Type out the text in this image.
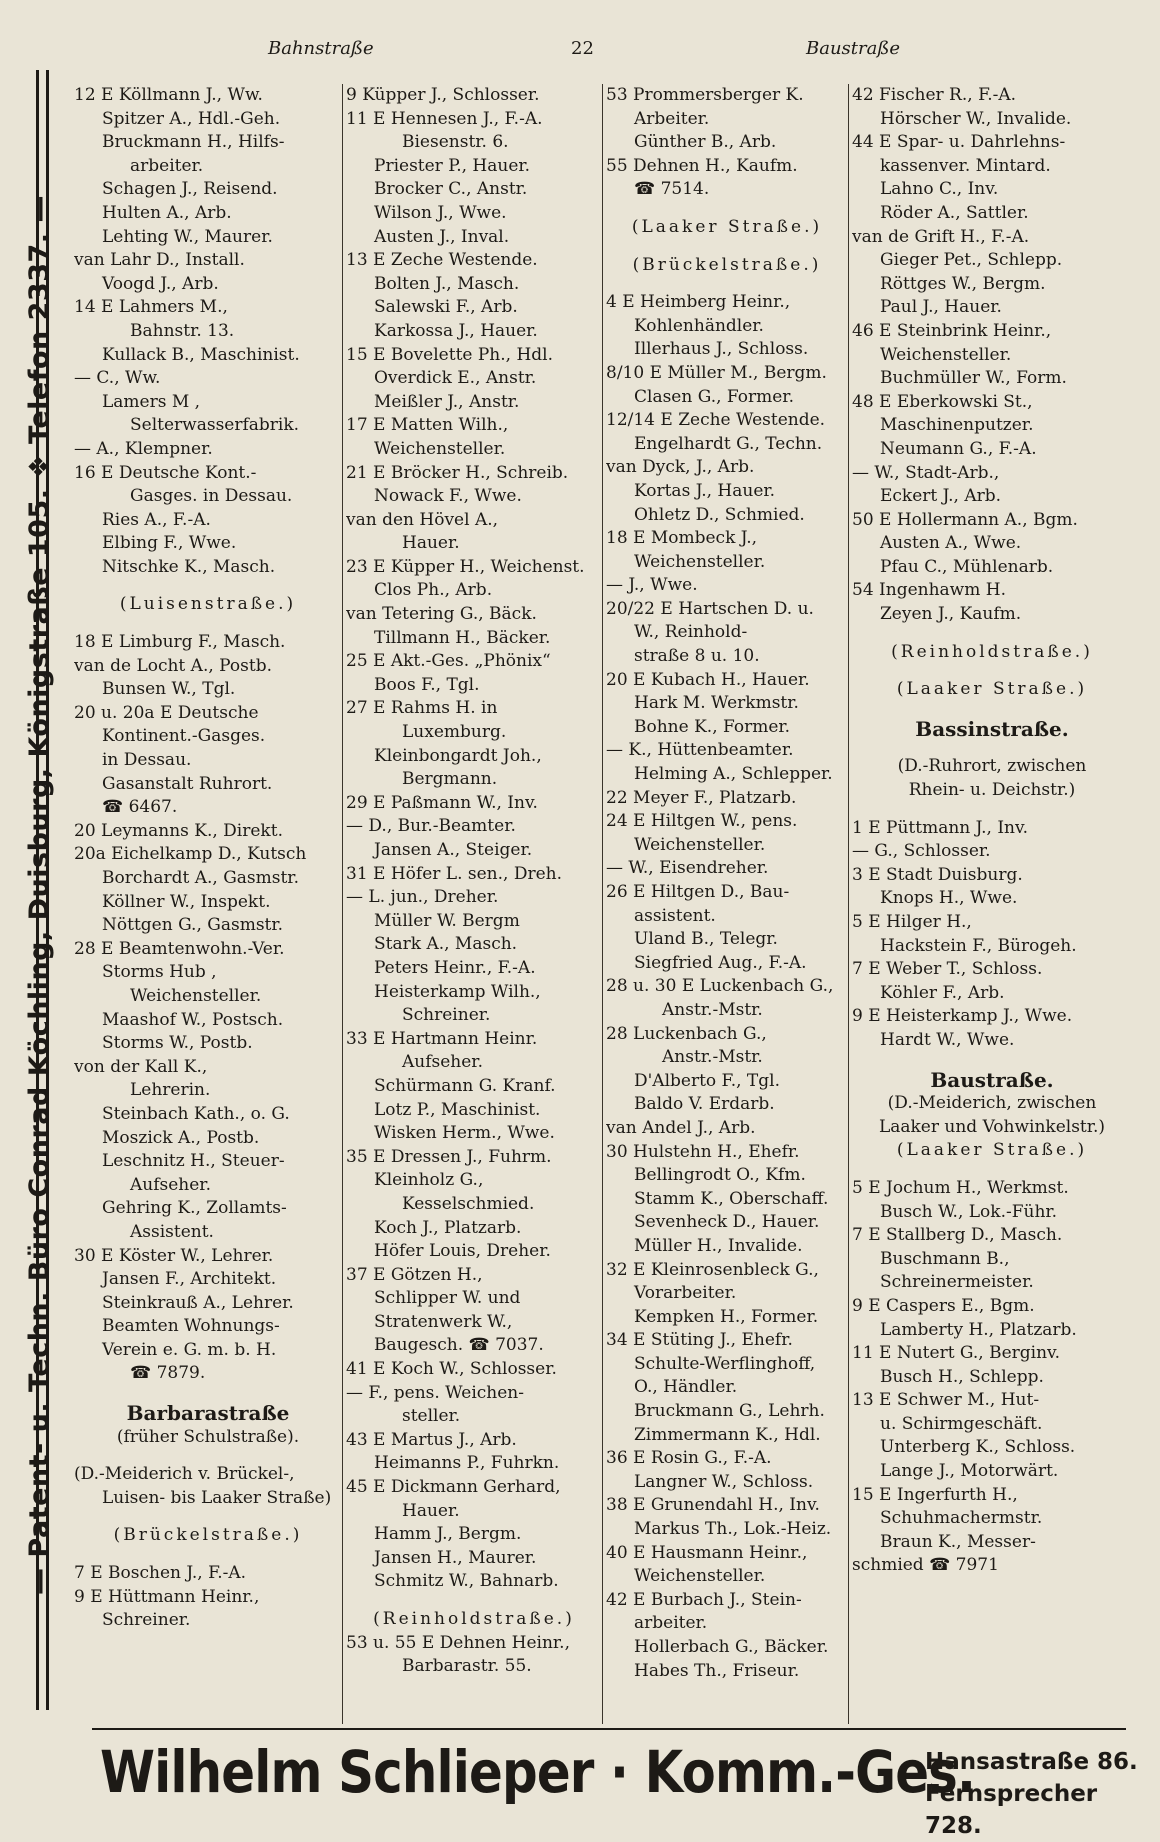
Bahnstraße	22	Baustraße
— Patent- u. Techn. Büro Conrad Köchling, Duisburg, Königstraße 105. ❖ Telefon 2337. —
12 E Köllmann J., Ww.
Spitzer A., Hdl.-Geh.
Bruckmann H., Hilfs-
arbeiter.
Schagen J., Reisend.
Hulten A., Arb.
Lehting W., Maurer.
van Lahr D., Install.
Voogd J., Arb.
14 E Lahmers M.,
Bahnstr. 13.
Kullack B., Maschinist.
— C., Ww.
Lamers M ,
Selterwasserfabrik.
— A., Klempner.
16 E Deutsche Kont.-
Gasges. in Dessau.
Ries A., F.-A.
Elbing F., Wwe.
Nitschke K., Masch.
(Luisenstraße.)
18 E Limburg F., Masch.
van de Locht A., Postb.
Bunsen W., Tgl.
20 u. 20a E Deutsche
Kontinent.-Gasges.
in Dessau.
Gasanstalt Ruhrort.
☎ 6467.
20 Leymanns K., Direkt.
20a Eichelkamp D., Kutsch
Borchardt A., Gasmstr.
Köllner W., Inspekt.
Nöttgen G., Gasmstr.
28 E Beamtenwohn.-Ver.
Storms Hub ,
Weichensteller.
Maashof W., Postsch.
Storms W., Postb.
von der Kall K.,
Lehrerin.
Steinbach Kath., o. G.
Moszick A., Postb.
Leschnitz H., Steuer-
Aufseher.
Gehring K., Zollamts-
Assistent.
30 E Köster W., Lehrer.
Jansen F., Architekt.
Steinkrauß A., Lehrer.
Beamten Wohnungs-
Verein e. G. m. b. H.
☎ 7879.
Barbarastraße
(früher Schulstraße).
(D.-Meiderich v. Brückel-,
Luisen- bis Laaker Straße)
(Brückelstraße.)
7 E Boschen J., F.-A.
9 E Hüttmann Heinr.,
Schreiner.
9 Küpper J., Schlosser.
11 E Hennesen J., F.-A.
Biesenstr. 6.
Priester P., Hauer.
Brocker C., Anstr.
Wilson J., Wwe.
Austen J., Inval.
13 E Zeche Westende.
Bolten J., Masch.
Salewski F., Arb.
Karkossa J., Hauer.
15 E Bovelette Ph., Hdl.
Overdick E., Anstr.
Meißler J., Anstr.
17 E Matten Wilh.,
Weichensteller.
21 E Bröcker H., Schreib.
Nowack F., Wwe.
van den Hövel A.,
Hauer.
23 E Küpper H., Weichenst.
Clos Ph., Arb.
van Tetering G., Bäck.
Tillmann H., Bäcker.
25 E Akt.-Ges. „Phönix“
Boos F., Tgl.
27 E Rahms H. in
Luxemburg.
Kleinbongardt Joh.,
Bergmann.
29 E Paßmann W., Inv.
— D., Bur.-Beamter.
Jansen A., Steiger.
31 E Höfer L. sen., Dreh.
— L. jun., Dreher.
Müller W. Bergm
Stark A., Masch.
Peters Heinr., F.-A.
Heisterkamp Wilh.,
Schreiner.
33 E Hartmann Heinr.
Aufseher.
Schürmann G. Kranf.
Lotz P., Maschinist.
Wisken Herm., Wwe.
35 E Dressen J., Fuhrm.
Kleinholz G.,
Kesselschmied.
Koch J., Platzarb.
Höfer Louis, Dreher.
37 E Götzen H.,
Schlipper W. und
Stratenwerk W.,
Baugesch. ☎ 7037.
41 E Koch W., Schlosser.
— F., pens. Weichen-
steller.
43 E Martus J., Arb.
Heimanns P., Fuhrkn.
45 E Dickmann Gerhard,
Hauer.
Hamm J., Bergm.
Jansen H., Maurer.
Schmitz W., Bahnarb.
(Reinholdstraße.)
53 u. 55 E Dehnen Heinr.,
Barbarastr. 55.
53 Prommersberger K.
Arbeiter.
Günther B., Arb.
55 Dehnen H., Kaufm.
☎ 7514.
(Laaker Straße.)
(Brückelstraße.)
4 E Heimberg Heinr.,
Kohlenhändler.
Illerhaus J., Schloss.
8/10 E Müller M., Bergm.
Clasen G., Former.
12/14 E Zeche Westende.
Engelhardt G., Techn.
van Dyck, J., Arb.
Kortas J., Hauer.
Ohletz D., Schmied.
18 E Mombeck J.,
Weichensteller.
— J., Wwe.
20/22 E Hartschen D. u.
W., Reinhold-
straße 8 u. 10.
20 E Kubach H., Hauer.
Hark M. Werkmstr.
Bohne K., Former.
— K., Hüttenbeamter.
Helming A., Schlepper.
22 Meyer F., Platzarb.
24 E Hiltgen W., pens.
Weichensteller.
— W., Eisendreher.
26 E Hiltgen D., Bau-
assistent.
Uland B., Telegr.
Siegfried Aug., F.-A.
28 u. 30 E Luckenbach G.,
Anstr.-Mstr.
28 Luckenbach G.,
Anstr.-Mstr.
D'Alberto F., Tgl.
Baldo V. Erdarb.
van Andel J., Arb.
30 Hulstehn H., Ehefr.
Bellingrodt O., Kfm.
Stamm K., Oberschaff.
Sevenheck D., Hauer.
Müller H., Invalide.
32 E Kleinrosenbleck G.,
Vorarbeiter.
Kempken H., Former.
34 E Stüting J., Ehefr.
Schulte-Werflinghoff,
O., Händler.
Bruckmann G., Lehrh.
Zimmermann K., Hdl.
36 E Rosin G., F.-A.
Langner W., Schloss.
38 E Grunendahl H., Inv.
Markus Th., Lok.-Heiz.
40 E Hausmann Heinr.,
Weichensteller.
42 E Burbach J., Stein-
arbeiter.
Hollerbach G., Bäcker.
Habes Th., Friseur.
42 Fischer R., F.-A.
Hörscher W., Invalide.
44 E Spar- u. Dahrlehns-
kassenver. Mintard.
Lahno C., Inv.
Röder A., Sattler.
van de Grift H., F.-A.
Gieger Pet., Schlepp.
Röttges W., Bergm.
Paul J., Hauer.
46 E Steinbrink Heinr.,
Weichensteller.
Buchmüller W., Form.
48 E Eberkowski St.,
Maschinenputzer.
Neumann G., F.-A.
— W., Stadt-Arb.,
Eckert J., Arb.
50 E Hollermann A., Bgm.
Austen A., Wwe.
Pfau C., Mühlenarb.
54 Ingenhawm H.
Zeyen J., Kaufm.
(Reinholdstraße.)
(Laaker Straße.)
Bassinstraße.
(D.-Ruhrort, zwischen
Rhein- u. Deichstr.)
1 E Püttmann J., Inv.
— G., Schlosser.
3 E Stadt Duisburg.
Knops H., Wwe.
5 E Hilger H.,
Hackstein F., Bürogeh.
7 E Weber T., Schloss.
Köhler F., Arb.
9 E Heisterkamp J., Wwe.
Hardt W., Wwe.
Baustraße.
(D.-Meiderich, zwischen
Laaker und Vohwinkelstr.)
(Laaker Straße.)
5 E Jochum H., Werkmst.
Busch W., Lok.-Führ.
7 E Stallberg D., Masch.
Buschmann B.,
Schreinermeister.
9 E Caspers E., Bgm.
Lamberty H., Platzarb.
11 E Nutert G., Berginv.
Busch H., Schlepp.
13 E Schwer M., Hut-
u. Schirmgeschäft.
Unterberg K., Schloss.
Lange J., Motorwärt.
15 E Ingerfurth H.,
Schuhmachermstr.
Braun K., Messer-
schmied ☎ 7971
Wilhelm Schlieper · Komm.-Ges.
Hansastraße 86.
Fernsprecher 728.
